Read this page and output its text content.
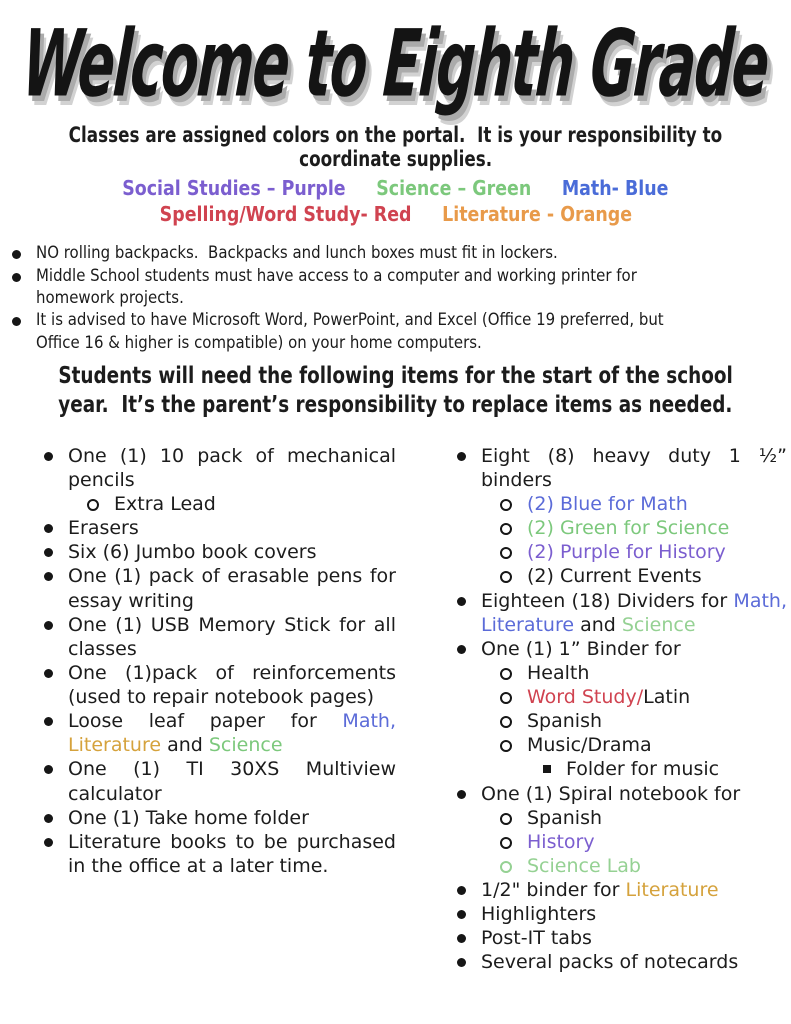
Welcome to Eighth Grade
Classes are assigned colors on the portal.  It is your responsibility to
coordinate supplies.
Social Studies – Purple Science – Green Math- Blue
Spelling/Word Study- Red Literature - Orange
NO rolling backpacks.  Backpacks and lunch boxes must fit in lockers.
Middle School students must have access to a computer and working printer for
homework projects.
It is advised to have Microsoft Word, PowerPoint, and Excel (Office 19 preferred, but
Office 16 & higher is compatible) on your home computers.
Students will need the following items for the start of the school
year.  It’s the parent’s responsibility to replace items as needed.
One (1) 10 pack of mechanical pencils
Extra Lead
Erasers
Six (6) Jumbo book covers
One (1) pack of erasable pens for essay writing
One (1) USB Memory Stick for all classes
One (1)pack of reinforcements (used to repair notebook pages)
Loose leaf paper for Math, Literature and Science
One (1) TI 30XS Multiview calculator
One (1) Take home folder
Literature books to be purchased in the office at a later time.
Eight (8) heavy duty 1 ½” binders
(2) Blue for Math
(2) Green for Science
(2) Purple for History
(2) Current Events
Eighteen (18) Dividers for Math, Literature and Science
One (1) 1” Binder for
Health
Word Study/Latin
Spanish
Music/Drama
Folder for music
One (1) Spiral notebook for
Spanish
History
Science Lab
1/2" binder for Literature
Highlighters
Post-IT tabs
Several packs of notecards
